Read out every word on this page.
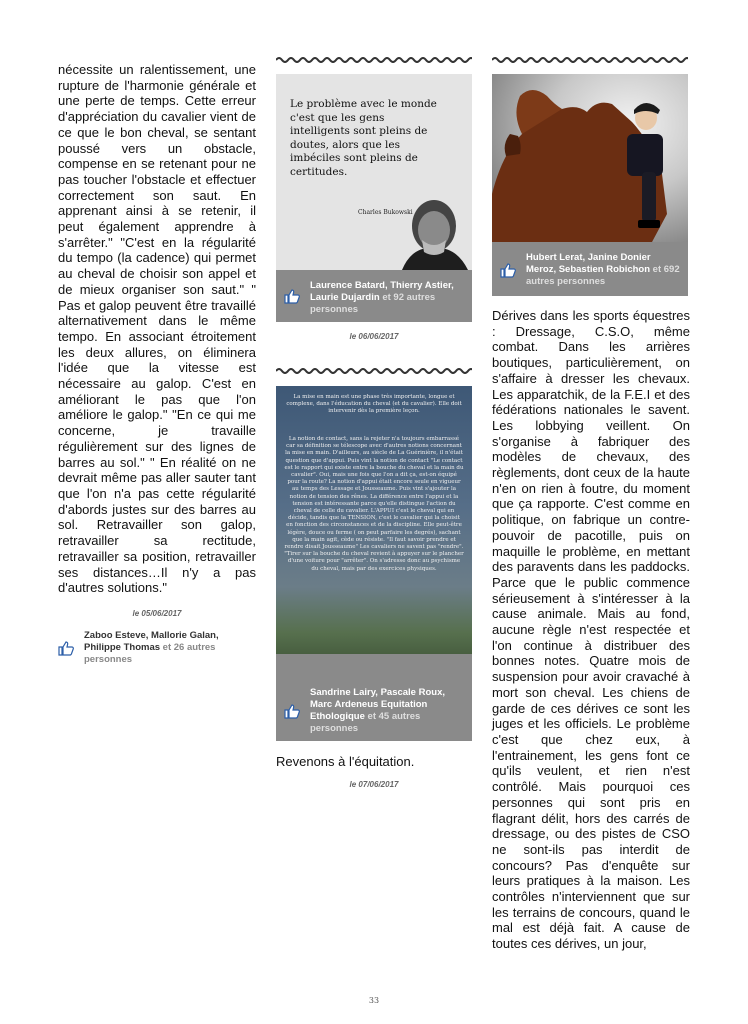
nécessite un ralentissement, une rupture de l'harmonie générale et une perte de temps. Cette erreur d'appréciation du cavalier vient de ce que le bon cheval, se sentant poussé vers un obstacle, compense en se retenant pour ne pas toucher l'obstacle et effectuer correctement son saut. En apprenant ainsi à se retenir, il peut également apprendre à s'arrêter." "C'est en la régularité du tempo (la cadence) qui permet au cheval de choisir son appel et de mieux organiser son saut." " Pas et galop peuvent être travaillé alternativement dans le même tempo. En associant étroitement les deux allures, on éliminera l'idée que la vitesse est nécessaire au galop. C'est en améliorant le pas que l'on améliore le galop." "En ce qui me concerne, je travaille régulièrement sur des lignes de barres au sol." " En réalité on ne devrait même pas aller sauter tant que l'on n'a pas cette régularité d'abords justes sur des barres au sol. Retravailler son galop, retravailler sa rectitude, retravailler sa position, retravailler ses distances…Il n'y a pas d'autres solutions."
le 05/06/2017
Zaboo Esteve, Mallorie Galan, Philippe Thomas et 26 autres personnes
Le problème avec le monde c'est que les gens intelligents sont pleins de doutes, alors que les imbéciles sont pleins de certitudes.
Charles Bukowski
Laurence Batard, Thierry Astier, Laurie Dujardin et 92 autres personnes
le 06/06/2017
La mise en main est une phase très importante, longue et complexe, dans l'éducation du cheval (et du cavalier). Elle doit intervenir dès la première leçon.
La notion de contact, sans la rejeter n'a toujours embarrassé car sa définition se télescope avec d'autres notions concernant la mise en main. D'ailleurs, au siècle de La Guérinière, il n'était question que d'appui. Puis vint la notion de contact "Le contact est le rapport qui existe entre la bouche du cheval et la main du cavalier". Oui, mais une fois que l'on a dit ça, est-on équipé pour la route? La notion d'appui était encore seule en vigueur au temps des Lessage et Jousseaume. Puis vint s'ajouter la notion de tension des rênes. La différence entre l'appui et la tension est intéressante parce qu'elle distingue l'action du cheval de celle du cavalier. L'APPUI c'est le cheval qui en décide, tandis que la TENSION, c'est le cavalier qui la choisit en fonction des circonstances et de la discipline. Elle peut-être légère, douce ou ferme ( on peut parfaire les degrés), sachant que la main agit, cède ou résiste. "Il faut savoir prendre et rendre disait Jousseaume" Les cavaliers ne savent pas "rendre". "Tirer sur la bouche du cheval revient à appuyer sur le plancher d'une voiture pour "arrêter". On s'adresse donc au psychisme du cheval, mais par des exercices physiques.
Sandrine Lairy, Pascale Roux, Marc Ardeneus Equitation Ethologique et 45 autres personnes
Revenons à l'équitation.
le 07/06/2017
Hubert Lerat, Janine Donier Meroz, Sebastien Robichon et 692 autres personnes
Dérives dans les sports équestres : Dressage, C.S.O, même combat. Dans les arrières boutiques, particulièrement, on s'affaire à dresser les chevaux. Les apparatchik, de la F.E.I et des fédérations nationales le savent. Les lobbying veillent. On s'organise à fabriquer des modèles de chevaux, des règlements, dont ceux de la haute n'en on rien à foutre, du moment que ça rapporte. C'est comme en politique, on fabrique un contre-pouvoir de pacotille, puis on maquille le problème, en mettant des paravents dans les paddocks. Parce que le public commence sérieusement à s'intéresser à la cause animale. Mais au fond, aucune règle n'est respectée et l'on continue à distribuer des bonnes notes. Quatre mois de suspension pour avoir cravaché à mort son cheval. Les chiens de garde de ces dérives ce sont les juges et les officiels. Le problème c'est que chez eux, à l'entrainement, les gens font ce qu'ils veulent, et rien n'est contrôlé. Mais pourquoi ces personnes qui sont pris en flagrant délit, hors des carrés de dressage, ou des pistes de CSO ne sont-ils pas interdit de concours? Pas d'enquête sur leurs pratiques à la maison. Les contrôles n'interviennent que sur les terrains de concours, quand le mal est déjà fait. A cause de toutes ces dérives, un jour,
33
